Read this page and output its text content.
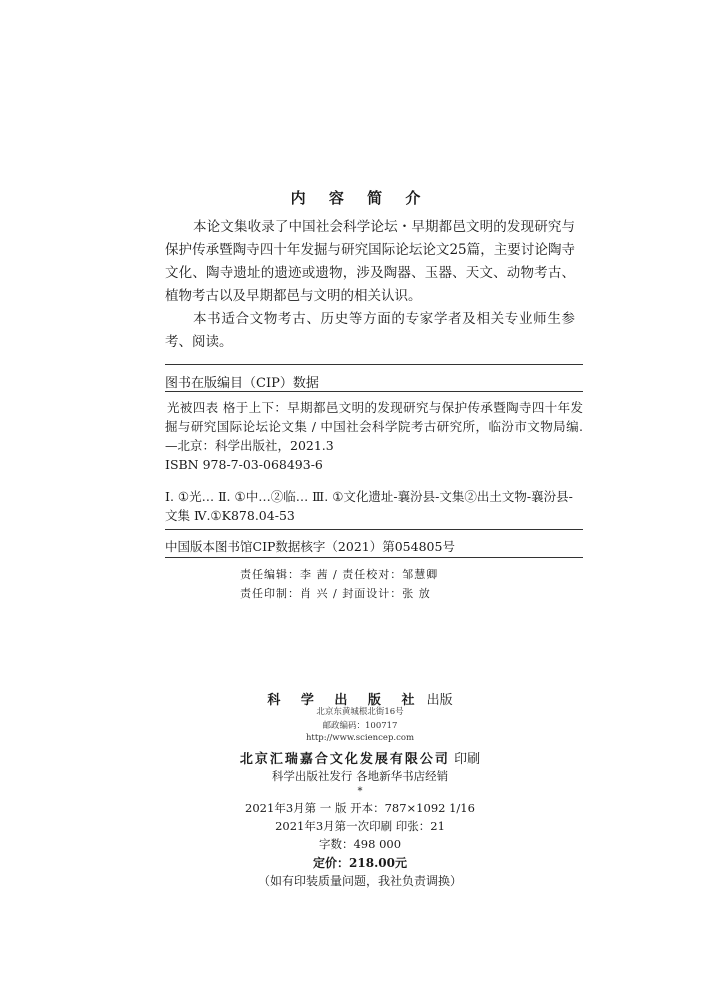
内 容 简 介

本论文集收录了中国社会科学论坛・早期都邑文明的发现研究与保护传承暨陶寺四十年发掘与研究国际论坛论文25篇，主要讨论陶寺文化、陶寺遗址的遗迹或遗物，涉及陶器、玉器、天文、动物考古、植物考古以及早期都邑与文明的相关认识。

本书适合文物考古、历史等方面的专家学者及相关专业师生参考、阅读。

图书在版编目（CIP）数据

光被四表 格于上下：早期都邑文明的发现研究与保护传承暨陶寺四十年发掘与研究国际论坛论文集 / 中国社会科学院考古研究所，临汾市文物局编. —北京：科学出版社，2021.3

ISBN 978-7-03-068493-6

Ⅰ. ①光… Ⅱ. ①中…②临… Ⅲ. ①文化遗址-襄汾县-文集②出土文物-襄汾县-文集 Ⅳ.①K878.04-53

中国版本图书馆CIP数据核字（2021）第054805号
责任编辑：李 茜 / 责任校对：邹慧卿
责任印制：肖 兴 / 封面设计：张 放
科 学 出 版 社 出版
北京东黄城根北街16号
邮政编码：100717
http://www.sciencep.com
北京汇瑞嘉合文化发展有限公司 印刷
科学出版社发行 各地新华书店经销
*
2021年3月第 一 版 开本：787×1092 1/16
2021年3月第一次印刷 印张：21
字数：498 000
定价：218.00元
（如有印装质量问题，我社负责调换）
